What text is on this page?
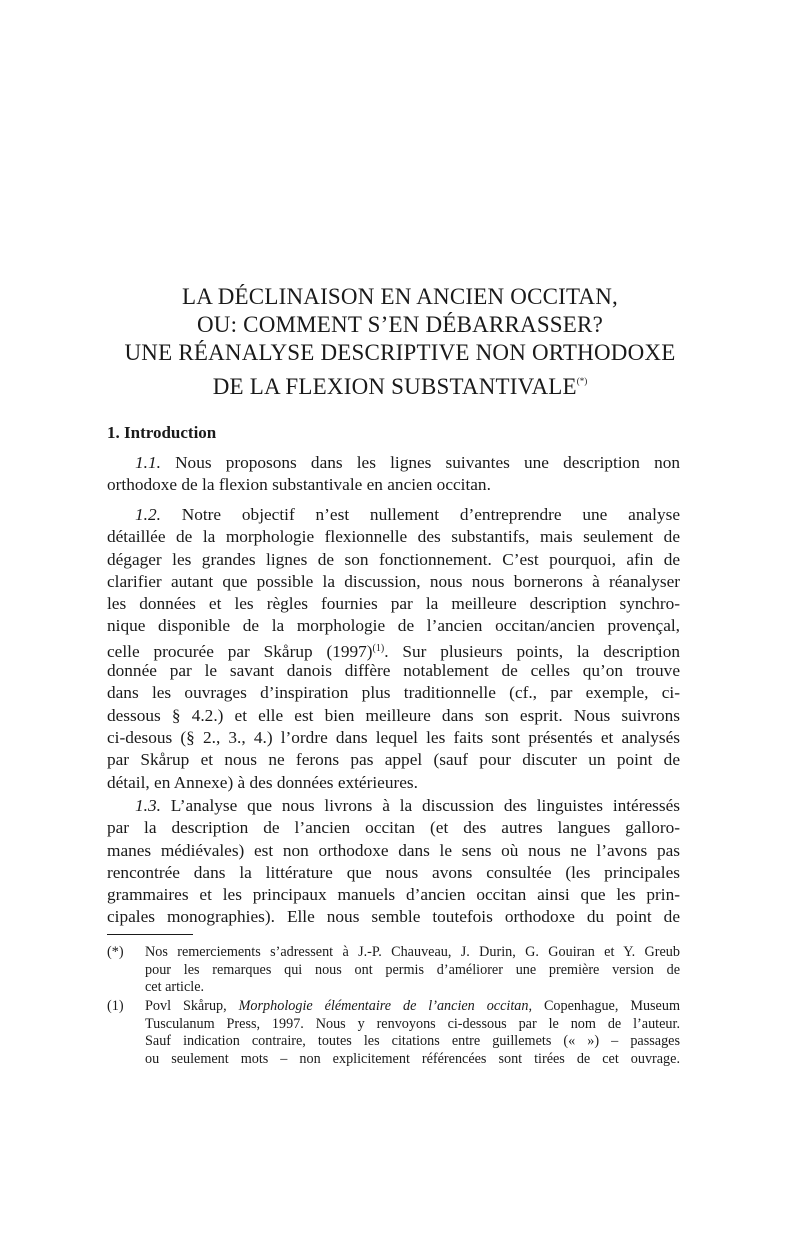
LA DÉCLINAISON EN ANCIEN OCCITAN,
OU: COMMENT S’EN DÉBARRASSER?
UNE RÉANALYSE DESCRIPTIVE NON ORTHODOXE
DE LA FLEXION SUBSTANTIVALE(*)
1. Introduction
1.1. Nous proposons dans les lignes suivantes une description non
orthodoxe de la flexion substantivale en ancien occitan.
1.2. Notre objectif n’est nullement d’entreprendre une analyse
détaillée de la morphologie flexionnelle des substantifs, mais seulement de
dégager les grandes lignes de son fonctionnement. C’est pourquoi, afin de
clarifier autant que possible la discussion, nous nous bornerons à réanalyser
les données et les règles fournies par la meilleure description synchro-
nique disponible de la morphologie de l’ancien occitan/ancien provençal,
celle procurée par Skårup (1997)$^{(1)}$. Sur plusieurs points, la description
donnée par le savant danois diffère notablement de celles qu’on trouve
dans les ouvrages d’inspiration plus traditionnelle (cf., par exemple, ci-
dessous § 4.2.) et elle est bien meilleure dans son esprit. Nous suivrons
ci-desous (§ 2., 3., 4.) l’ordre dans lequel les faits sont présentés et analysés
par Skårup et nous ne ferons pas appel (sauf pour discuter un point de
détail, en Annexe) à des données extérieures.
1.3. L’analyse que nous livrons à la discussion des linguistes intéressés
par la description de l’ancien occitan (et des autres langues galloro-
manes médiévales) est non orthodoxe dans le sens où nous ne l’avons pas
rencontrée dans la littérature que nous avons consultée (les principales
grammaires et les principaux manuels d’ancien occitan ainsi que les prin-
cipales monographies). Elle nous semble toutefois orthodoxe du point de
(*)	Nos remerciements s’adressent à J.-P. Chauveau, J. Durin, G. Gouiran et Y. Greub
pour les remarques qui nous ont permis d’améliorer une première version de
cet article.
(1)	Povl Skårup, Morphologie élémentaire de l’ancien occitan, Copenhague, Museum
Tusculanum Press, 1997. Nous y renvoyons ci-dessous par le nom de l’auteur.
Sauf indication contraire, toutes les citations entre guillemets (« ») – passages
ou seulement mots – non explicitement référencées sont tirées de cet ouvrage.
